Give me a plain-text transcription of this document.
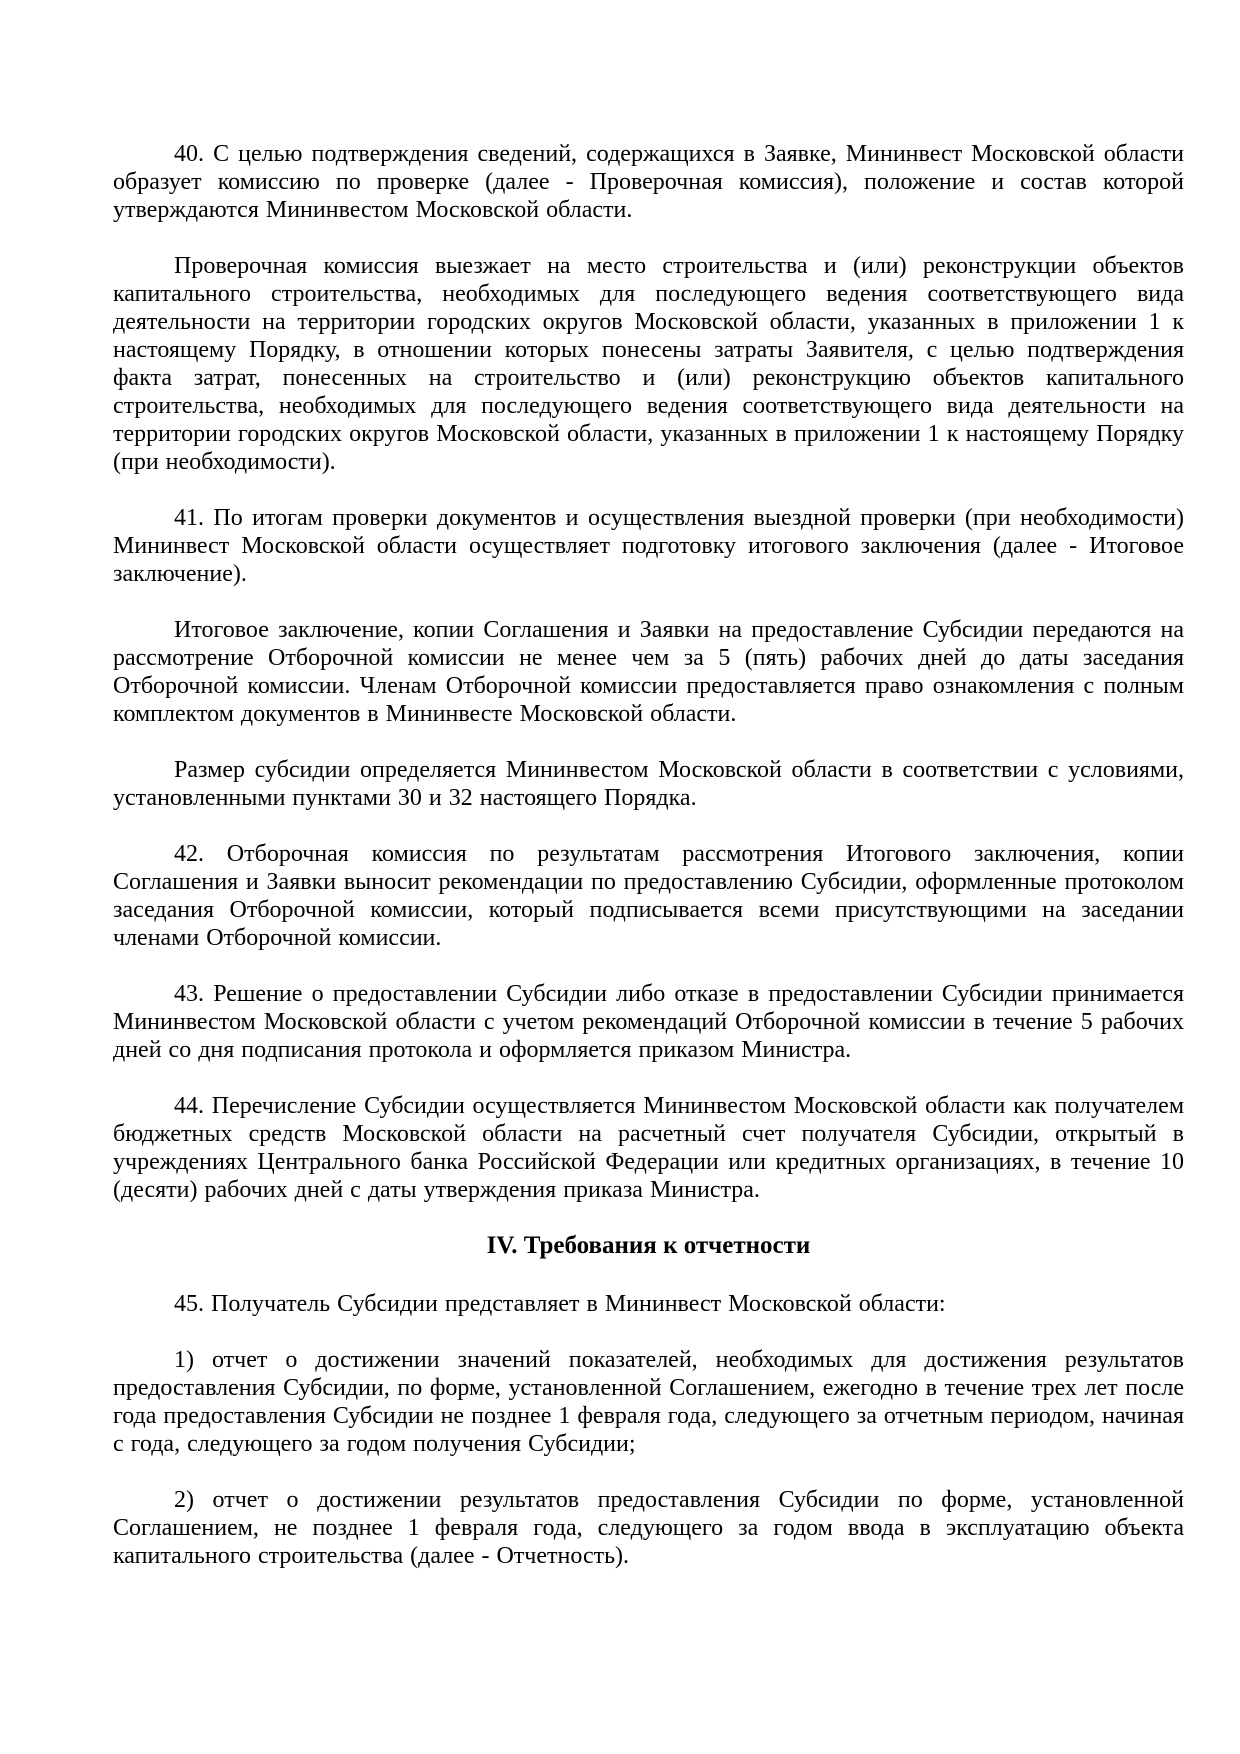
40. С целью подтверждения сведений, содержащихся в Заявке, Мининвест Московской области образует комиссию по проверке (далее - Проверочная комиссия), положение и состав которой утверждаются Мининвестом Московской области.

Проверочная комиссия выезжает на место строительства и (или) реконструкции объектов капитального строительства, необходимых для последующего ведения соответствующего вида деятельности на территории городских округов Московской области, указанных в приложении 1 к настоящему Порядку, в отношении которых понесены затраты Заявителя, с целью подтверждения факта затрат, понесенных на строительство и (или) реконструкцию объектов капитального строительства, необходимых для последующего ведения соответствующего вида деятельности на территории городских округов Московской области, указанных в приложении 1 к настоящему Порядку (при необходимости).

41. По итогам проверки документов и осуществления выездной проверки (при необходимости) Мининвест Московской области осуществляет подготовку итогового заключения (далее - Итоговое заключение).

Итоговое заключение, копии Соглашения и Заявки на предоставление Субсидии передаются на рассмотрение Отборочной комиссии не менее чем за 5 (пять) рабочих дней до даты заседания Отборочной комиссии. Членам Отборочной комиссии предоставляется право ознакомления с полным комплектом документов в Мининвесте Московской области.

Размер субсидии определяется Мининвестом Московской области в соответствии с условиями, установленными пунктами 30 и 32 настоящего Порядка.

42. Отборочная комиссия по результатам рассмотрения Итогового заключения, копии Соглашения и Заявки выносит рекомендации по предоставлению Субсидии, оформленные протоколом заседания Отборочной комиссии, который подписывается всеми присутствующими на заседании членами Отборочной комиссии.

43. Решение о предоставлении Субсидии либо отказе в предоставлении Субсидии принимается Мининвестом Московской области с учетом рекомендаций Отборочной комиссии в течение 5 рабочих дней со дня подписания протокола и оформляется приказом Министра.

44. Перечисление Субсидии осуществляется Мининвестом Московской области как получателем бюджетных средств Московской области на расчетный счет получателя Субсидии, открытый в учреждениях Центрального банка Российской Федерации или кредитных организациях, в течение 10 (десяти) рабочих дней с даты утверждения приказа Министра.

IV. Требования к отчетности

45. Получатель Субсидии представляет в Мининвест Московской области:

1) отчет о достижении значений показателей, необходимых для достижения результатов предоставления Субсидии, по форме, установленной Соглашением, ежегодно в течение трех лет после года предоставления Субсидии не позднее 1 февраля года, следующего за отчетным периодом, начиная с года, следующего за годом получения Субсидии;

2) отчет о достижении результатов предоставления Субсидии по форме, установленной Соглашением, не позднее 1 февраля года, следующего за годом ввода в эксплуатацию объекта капитального строительства (далее - Отчетность).
